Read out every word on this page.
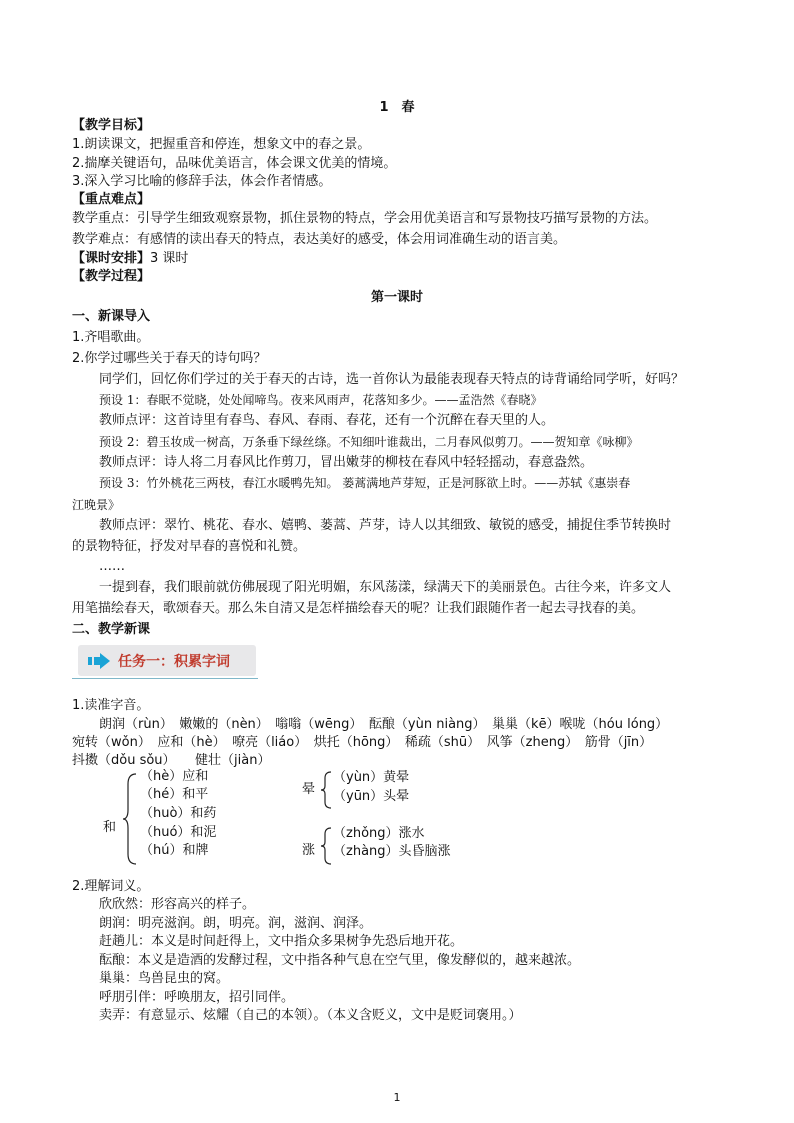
1　春
【教学目标】
1.朗读课文，把握重音和停连，想象文中的春之景。
2.揣摩关键语句，品味优美语言，体会课文优美的情境。
3.深入学习比喻的修辞手法，体会作者情感。
【重点难点】
教学重点：引导学生细致观察景物，抓住景物的特点，学会用优美语言和写景物技巧描写景物的方法。
教学难点：有感情的读出春天的特点，表达美好的感受，体会用词准确生动的语言美。
【课时安排】3 课时
【教学过程】
第一课时
一、新课导入
1.齐唱歌曲。
2.你学过哪些关于春天的诗句吗？
同学们，回忆你们学过的关于春天的古诗，选一首你认为最能表现春天特点的诗背诵给同学听，好吗？
预设 1：春眠不觉晓，处处闻啼鸟。夜来风雨声，花落知多少。——孟浩然《春晓》
教师点评：这首诗里有春鸟、春风、春雨、春花，还有一个沉醉在春天里的人。
预设 2：碧玉妆成一树高，万条垂下绿丝绦。不知细叶谁裁出，二月春风似剪刀。——贺知章《咏柳》
教师点评：诗人将二月春风比作剪刀，冒出嫩芽的柳枝在春风中轻轻摇动，春意盎然。
预设 3：竹外桃花三两枝，春江水暖鸭先知。 蒌蒿满地芦芽短，正是河豚欲上时。——苏轼《惠崇春
江晚景》
教师点评：翠竹、桃花、春水、嬉鸭、蒌蒿、芦芽，诗人以其细致、敏锐的感受，捕捉住季节转换时
的景物特征，抒发对早春的喜悦和礼赞。
……
一提到春，我们眼前就仿佛展现了阳光明媚，东风荡漾，绿满天下的美丽景色。古往今来，许多文人
用笔描绘春天，歌颂春天。那么朱自清又是怎样描绘春天的呢？让我们跟随作者一起去寻找春的美。
二、教学新课
任务一：积累字词
1.读准字音。
朗润（rùn）　嫩嫩的（nèn）　嗡嗡（wēng）　酝酿（yùn niàng）　巢巢（kē）喉咙（hóu lóng）
宛转（wǒn）　应和（hè）　嘹亮（liáo）　烘托（hōng）　稀疏（shū）　风筝（zheng）　筋骨（jīn）
抖擞（dǒu sǒu）　　健壮（jiàn）
和
（hè）应和
（hé）和平
（huò）和药
（huó）和泥
（hú）和牌
晕
（yùn）黄晕
（yūn）头晕
涨
（zhǒng）涨水
（zhàng）头昏脑涨
2.理解词义。
欣欣然：形容高兴的样子。
朗润：明亮滋润。朗，明亮。润，滋润、润泽。
赶趟儿：本义是时间赶得上，文中指众多果树争先恐后地开花。
酝酿：本义是造酒的发酵过程，文中指各种气息在空气里，像发酵似的，越来越浓。
巢巢：鸟兽昆虫的窝。
呼朋引伴：呼唤朋友，招引同伴。
卖弄：有意显示、炫耀（自己的本领）。（本义含贬义，文中是贬词褒用。）
1
